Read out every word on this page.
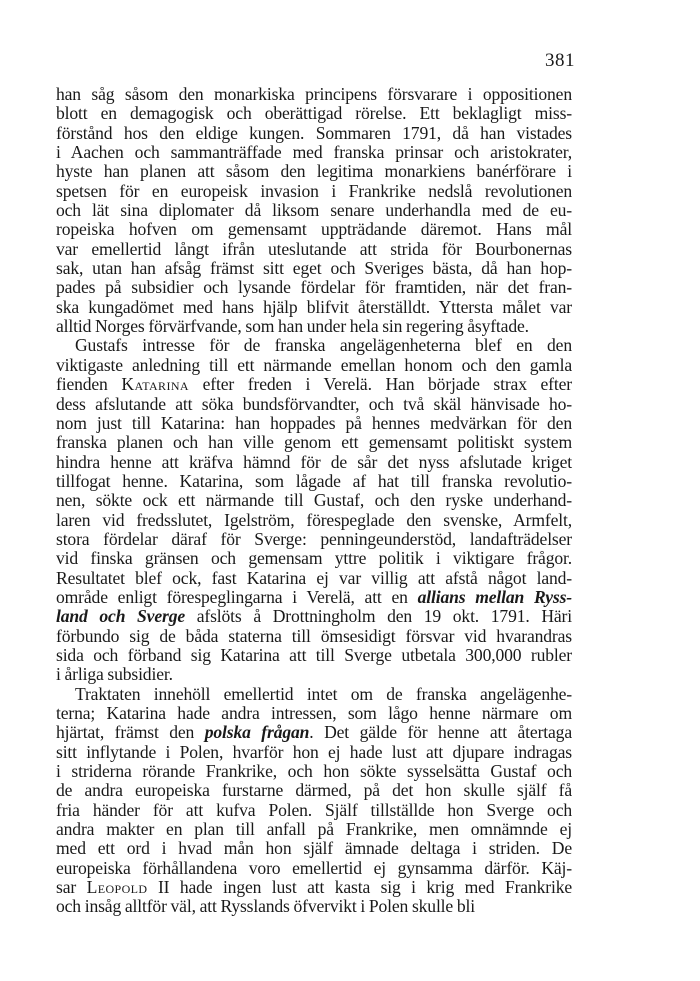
381
han såg såsom den monarkiska principens försvarare i oppositionen
blott en demagogisk och oberättigad rörelse. Ett beklagligt miss-
förstånd hos den eldige kungen. Sommaren 1791, då han vistades
i Aachen och sammanträffade med franska prinsar och aristokrater,
hyste han planen att såsom den legitima monarkiens banérförare i
spetsen för en europeisk invasion i Frankrike nedslå revolutionen
och lät sina diplomater då liksom senare underhandla med de eu-
ropeiska hofven om gemensamt uppträdande däremot. Hans mål
var emellertid långt ifrån uteslutande att strida för Bourbonernas
sak, utan han afsåg främst sitt eget och Sveriges bästa, då han hop-
pades på subsidier och lysande fördelar för framtiden, när det fran-
ska kungadömet med hans hjälp blifvit återställdt. Yttersta målet var
alltid Norges förvärfvande, som han under hela sin regering åsyftade.
Gustafs intresse för de franska angelägenheterna blef en den
viktigaste anledning till ett närmande emellan honom och den gamla
fienden Katarina efter freden i Verelä. Han började strax efter
dess afslutande att söka bundsförvandter, och två skäl hänvisade ho-
nom just till Katarina: han hoppades på hennes medvärkan för den
franska planen och han ville genom ett gemensamt politiskt system
hindra henne att kräfva hämnd för de sår det nyss afslutade kriget
tillfogat henne. Katarina, som lågade af hat till franska revolutio-
nen, sökte ock ett närmande till Gustaf, och den ryske underhand-
laren vid fredsslutet, Igelström, förespeglade den svenske, Armfelt,
stora fördelar däraf för Sverge: penningeunderstöd, landafträdelser
vid finska gränsen och gemensam yttre politik i viktigare frågor.
Resultatet blef ock, fast Katarina ej var villig att afstå något land-
område enligt förespeglingarna i Verelä, att en allians mellan Ryss-
land och Sverge afslöts å Drottningholm den 19 okt. 1791. Häri
förbundo sig de båda staterna till ömsesidigt försvar vid hvarandras
sida och förband sig Katarina att till Sverge utbetala 300,000 rubler
i årliga subsidier.
Traktaten innehöll emellertid intet om de franska angelägenhe-
terna; Katarina hade andra intressen, som lågo henne närmare om
hjärtat, främst den polska frågan. Det gälde för henne att återtaga
sitt inflytande i Polen, hvarför hon ej hade lust att djupare indragas
i striderna rörande Frankrike, och hon sökte sysselsätta Gustaf och
de andra europeiska furstarne därmed, på det hon skulle själf få
fria händer för att kufva Polen. Själf tillställde hon Sverge och
andra makter en plan till anfall på Frankrike, men omnämnde ej
med ett ord i hvad mån hon själf ämnade deltaga i striden. De
europeiska förhållandena voro emellertid ej gynsamma därför. Käj-
sar Leopold II hade ingen lust att kasta sig i krig med Frankrike
och insåg alltför väl, att Rysslands öfvervikt i Polen skulle bli
